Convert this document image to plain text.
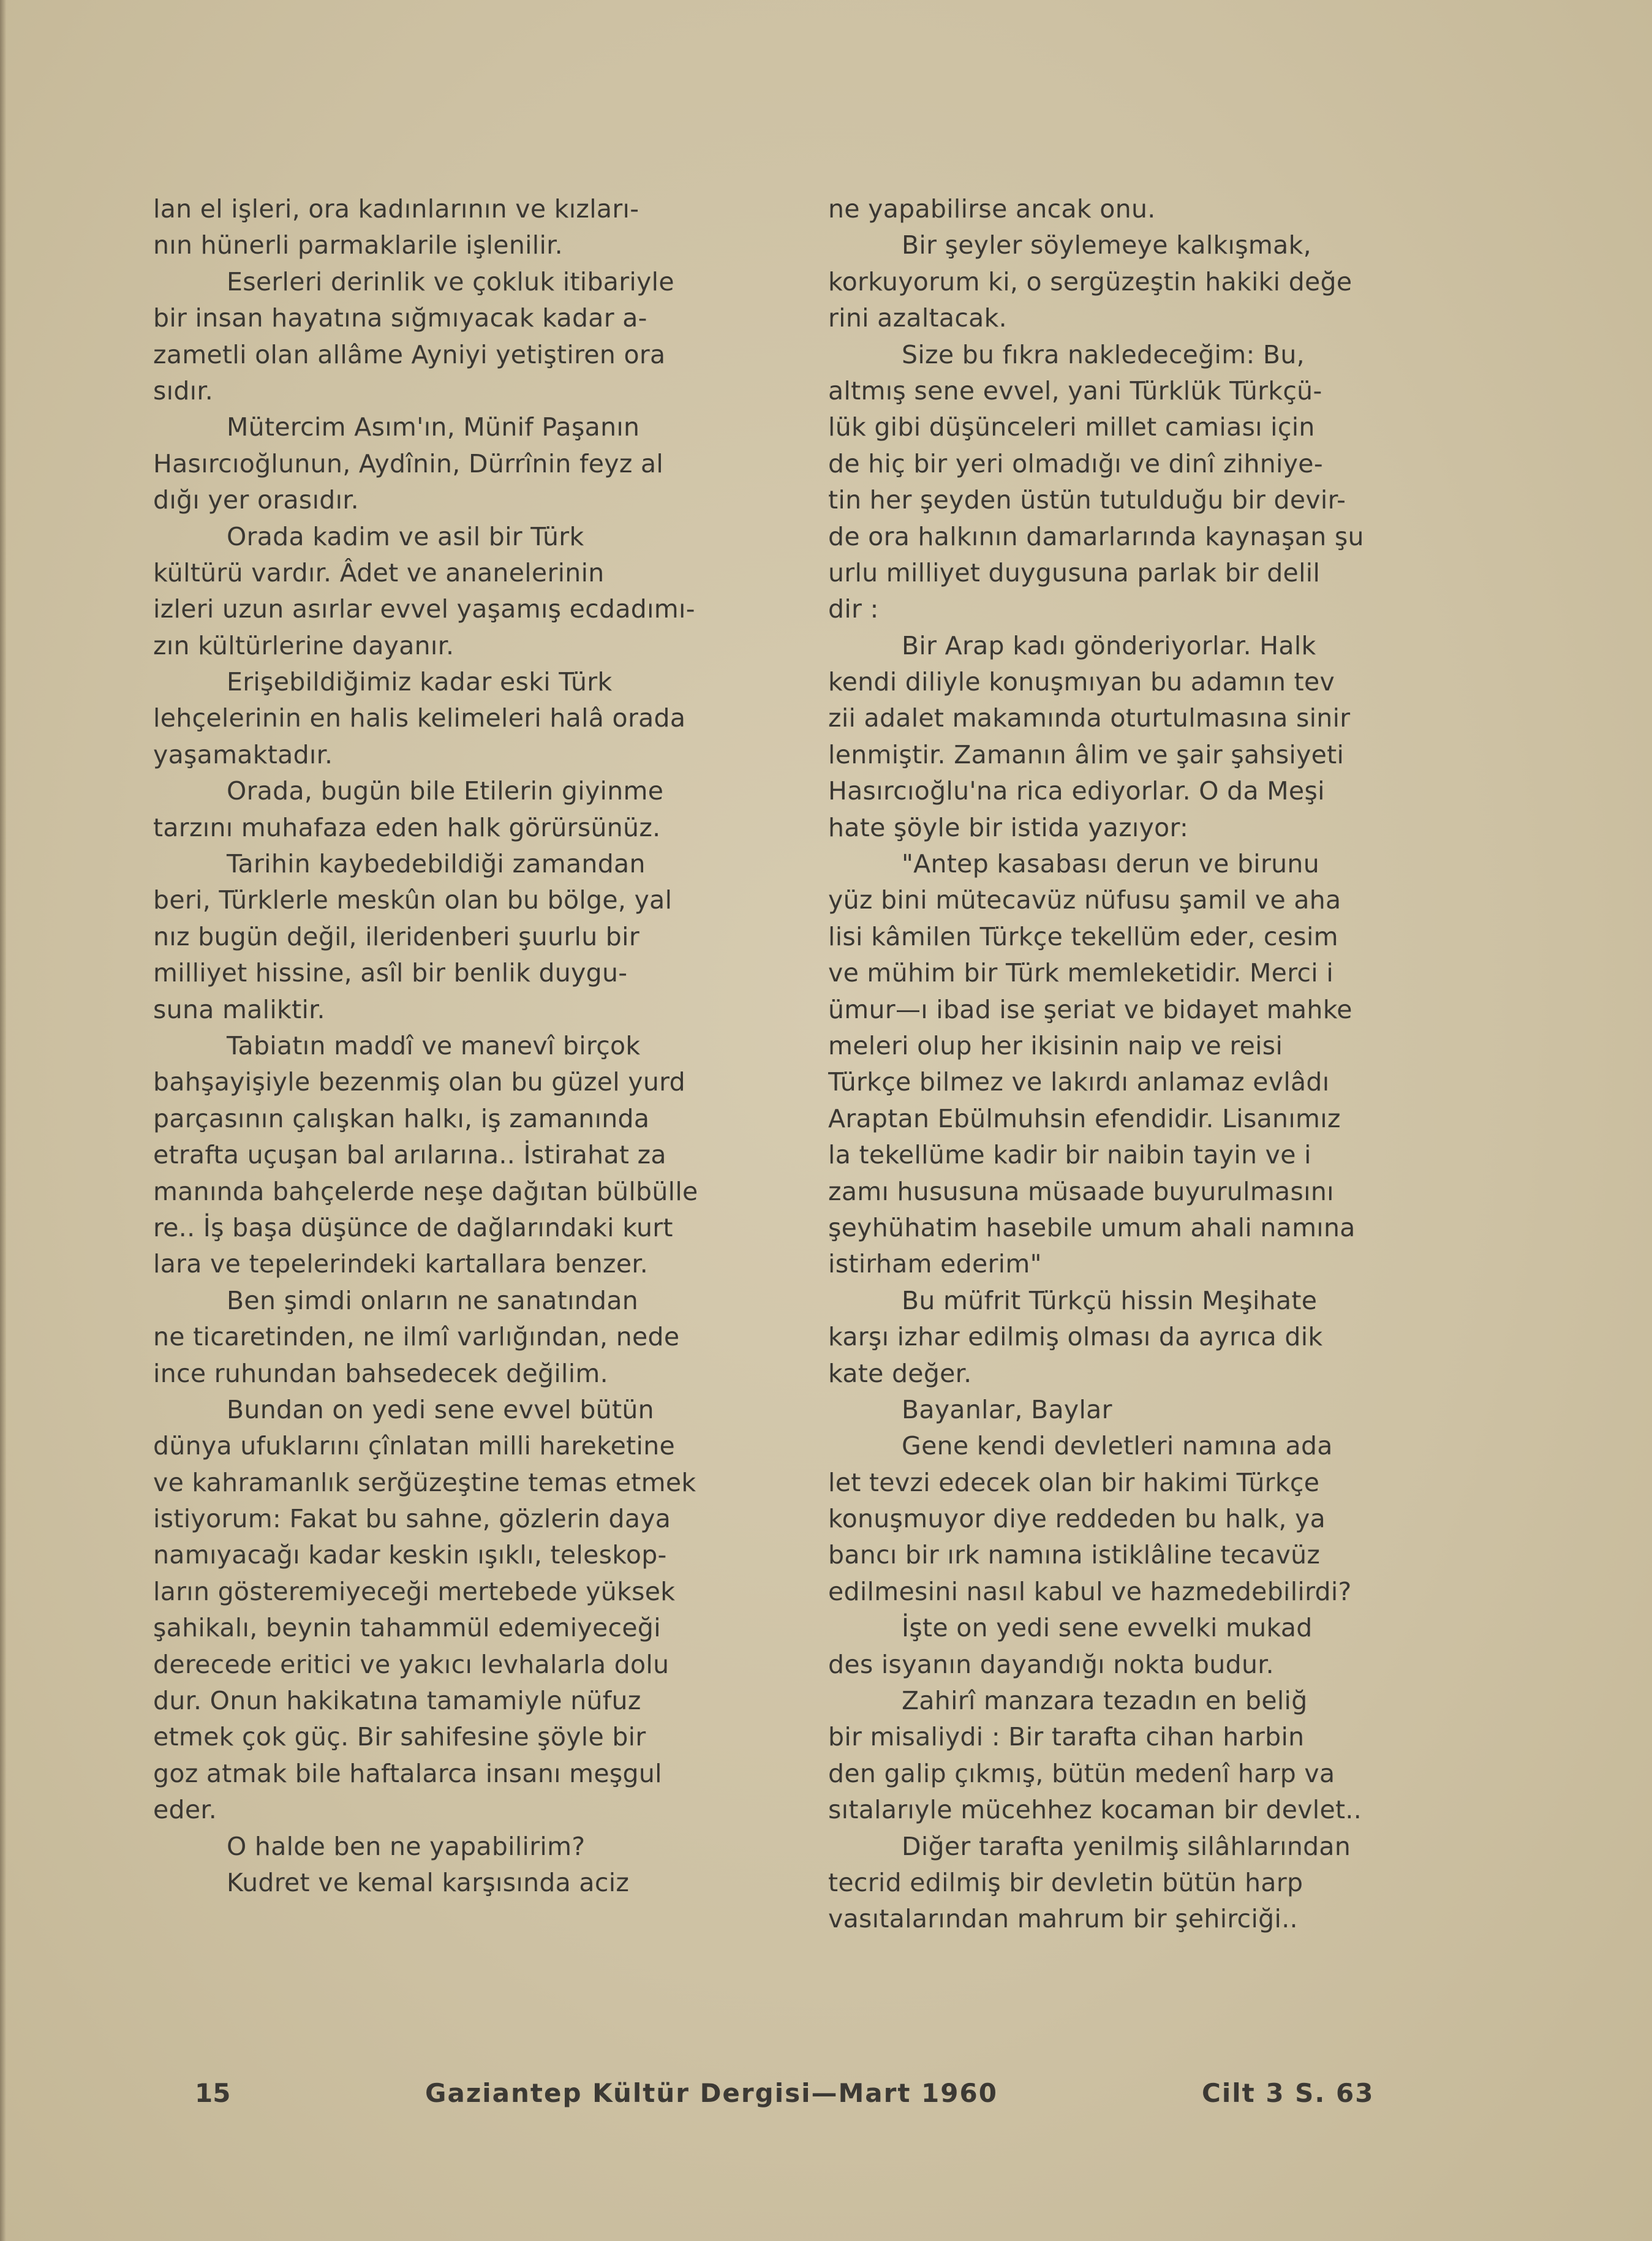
lan el işleri, ora kadınlarının ve kızları-
nın hünerli parmaklarile işlenilir.
Eserleri derinlik ve çokluk itibariyle
bir insan hayatına sığmıyacak kadar a-
zametli olan allâme Ayniyi yetiştiren ora
sıdır.
Mütercim Asım'ın, Münif Paşanın
Hasırcıoğlunun, Aydînin, Dürrînin feyz al
dığı yer orasıdır.
Orada kadim ve asil bir Türk
kültürü vardır. Âdet ve ananelerinin
izleri uzun asırlar evvel yaşamış ecdadımı-
zın kültürlerine dayanır.
Erişebildiğimiz kadar eski Türk
lehçelerinin en halis kelimeleri halâ orada
yaşamaktadır.
Orada, bugün bile Etilerin giyinme
tarzını muhafaza eden halk görürsünüz.
Tarihin kaybedebildiği zamandan
beri, Türklerle meskûn olan bu bölge, yal
nız bugün değil, ileridenberi şuurlu bir
milliyet hissine, asîl bir benlik duygu-
suna maliktir.
Tabiatın maddî ve manevî birçok
bahşayişiyle bezenmiş olan bu güzel yurd
parçasının çalışkan halkı, iş zamanında
etrafta uçuşan bal arılarına.. İstirahat za
manında bahçelerde neşe dağıtan bülbülle
re.. İş başa düşünce de dağlarındaki kurt
lara ve tepelerindeki kartallara benzer.
Ben şimdi onların ne sanatından
ne ticaretinden, ne ilmî varlığından, nede
ince ruhundan bahsedecek değilim.
Bundan on yedi sene evvel bütün
dünya ufuklarını çînlatan milli hareketine
ve kahramanlık serğüzeştine temas etmek
istiyorum: Fakat bu sahne, gözlerin daya
namıyacağı kadar keskin ışıklı, teleskop-
ların gösteremiyeceği mertebede yüksek
şahikalı, beynin tahammül edemiyeceği
derecede eritici ve yakıcı levhalarla dolu
dur. Onun hakikatına tamamiyle nüfuz
etmek çok güç. Bir sahifesine şöyle bir
goz atmak bile haftalarca insanı meşgul
eder.
O halde ben ne yapabilirim?
Kudret ve kemal karşısında aciz
ne yapabilirse ancak onu.
Bir şeyler söylemeye kalkışmak,
korkuyorum ki, o sergüzeştin hakiki değe
rini azaltacak.
Size bu fıkra nakledeceğim: Bu,
altmış sene evvel, yani Türklük Türkçü-
lük gibi düşünceleri millet camiası için
de hiç bir yeri olmadığı ve dinî zihniye-
tin her şeyden üstün tutulduğu bir devir-
de ora halkının damarlarında kaynaşan şu
urlu milliyet duygusuna parlak bir delil
dir :
Bir Arap kadı gönderiyorlar. Halk
kendi diliyle konuşmıyan bu adamın tev
zii adalet makamında oturtulmasına sinir
lenmiştir. Zamanın âlim ve şair şahsiyeti
Hasırcıoğlu'na rica ediyorlar. O da Meşi
hate şöyle bir istida yazıyor:
"Antep kasabası derun ve birunu
yüz bini mütecavüz nüfusu şamil ve aha
lisi kâmilen Türkçe tekellüm eder, cesim
ve mühim bir Türk memleketidir. Merci i
ümur—ı ibad ise şeriat ve bidayet mahke
meleri olup her ikisinin naip ve reisi
Türkçe bilmez ve lakırdı anlamaz evlâdı
Araptan Ebülmuhsin efendidir. Lisanımız
la tekellüme kadir bir naibin tayin ve i
zamı hususuna müsaade buyurulmasını
şeyhühatim hasebile umum ahali namına
istirham ederim"
Bu müfrit Türkçü hissin Meşihate
karşı izhar edilmiş olması da ayrıca dik
kate değer.
Bayanlar, Baylar
Gene kendi devletleri namına ada
let tevzi edecek olan bir hakimi Türkçe
konuşmuyor diye reddeden bu halk, ya
bancı bir ırk namına istiklâline tecavüz
edilmesini nasıl kabul ve hazmedebilirdi?
İşte on yedi sene evvelki mukad
des isyanın dayandığı nokta budur.
Zahirî manzara tezadın en beliğ
bir misaliydi : Bir tarafta cihan harbin
den galip çıkmış, bütün medenî harp va
sıtalarıyle mücehhez kocaman bir devlet..
Diğer tarafta yenilmiş silâhlarından
tecrid edilmiş bir devletin bütün harp
vasıtalarından mahrum bir şehirciği..
15	Gaziantep Kültür Dergisi—Mart 1960	Cilt 3 S. 63
